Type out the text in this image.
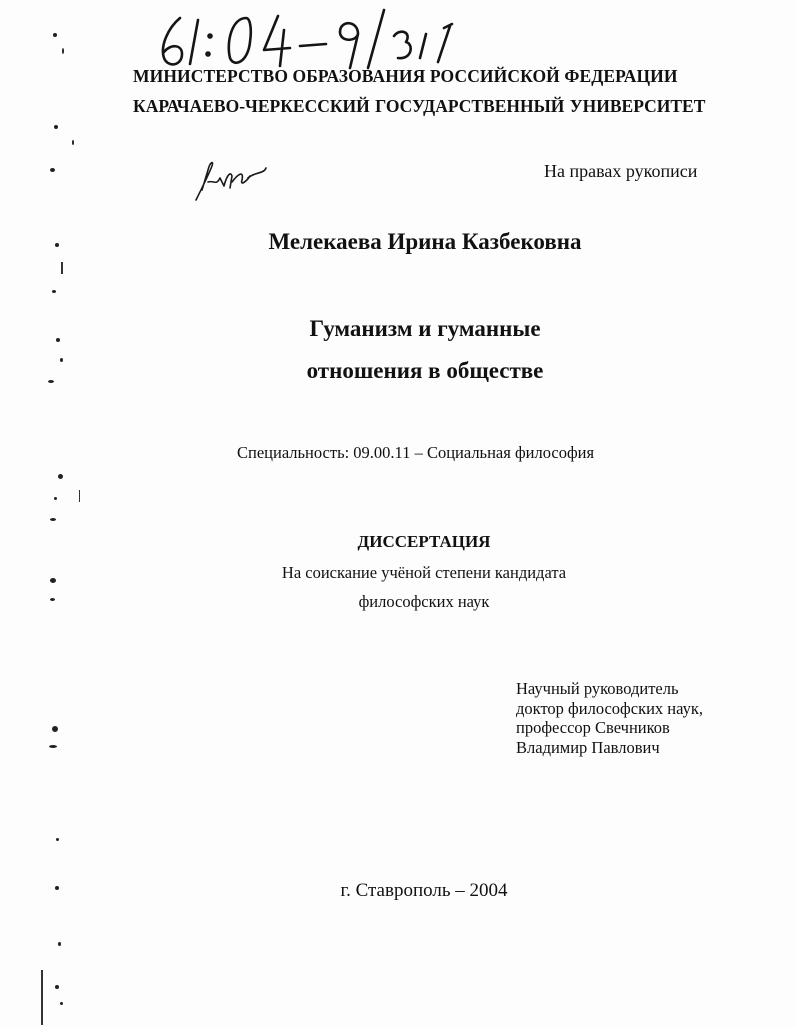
МИНИСТЕРСТВО ОБРАЗОВАНИЯ РОССИЙСКОЙ ФЕДЕРАЦИИ
КАРАЧАЕВО-ЧЕРКЕССКИЙ ГОСУДАРСТВЕННЫЙ УНИВЕРСИТЕТ
На правах рукописи
Мелекаева Ирина Казбековна
Гуманизм и гуманные
отношения в обществе
Специальность: 09.00.11 – Социальная философия
ДИССЕРТАЦИЯ
На соискание учёной степени кандидата
философских наук
Научный руководитель
доктор философских наук,
профессор Свечников
Владимир Павлович
г. Ставрополь – 2004
